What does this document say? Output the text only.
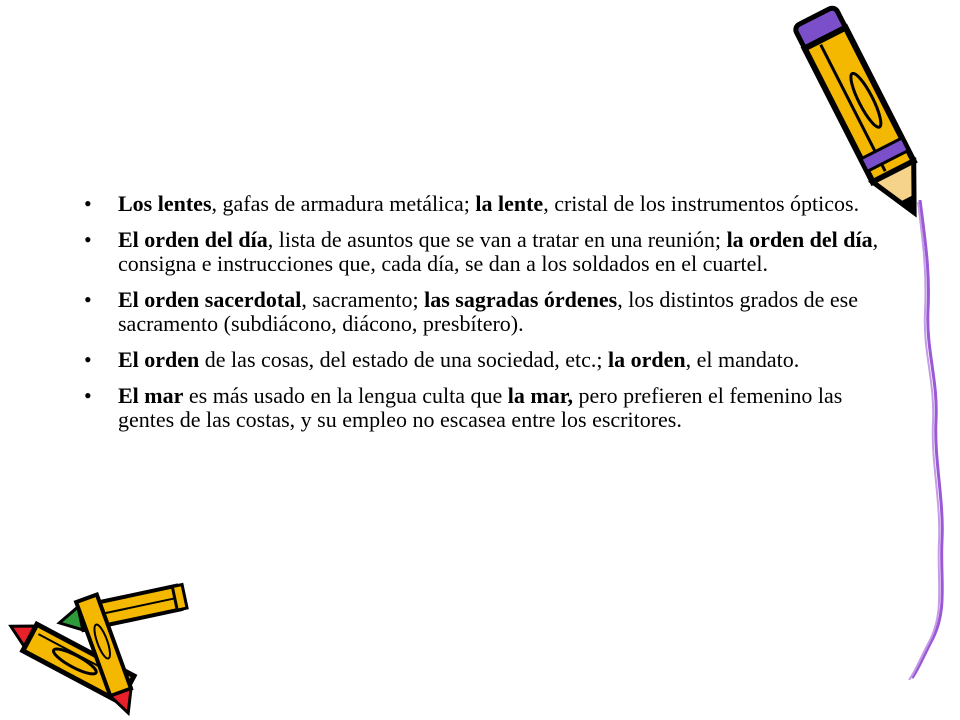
• Los lentes, gafas de armadura metálica; la lente, cristal de los instrumentos ópticos.
• El orden del día, lista de asuntos que se van a tratar en una reunión; la orden del día, consigna e instrucciones que, cada día, se dan a los soldados en el cuartel.
• El orden sacerdotal, sacramento; las sagradas órdenes, los distintos grados de ese sacramento (subdiácono, diácono, presbítero).
• El orden de las cosas, del estado de una sociedad, etc.; la orden, el mandato.
• El mar es más usado en la lengua culta que la mar, pero prefieren el femenino las gentes de las costas, y su empleo no escasea entre los escritores.
